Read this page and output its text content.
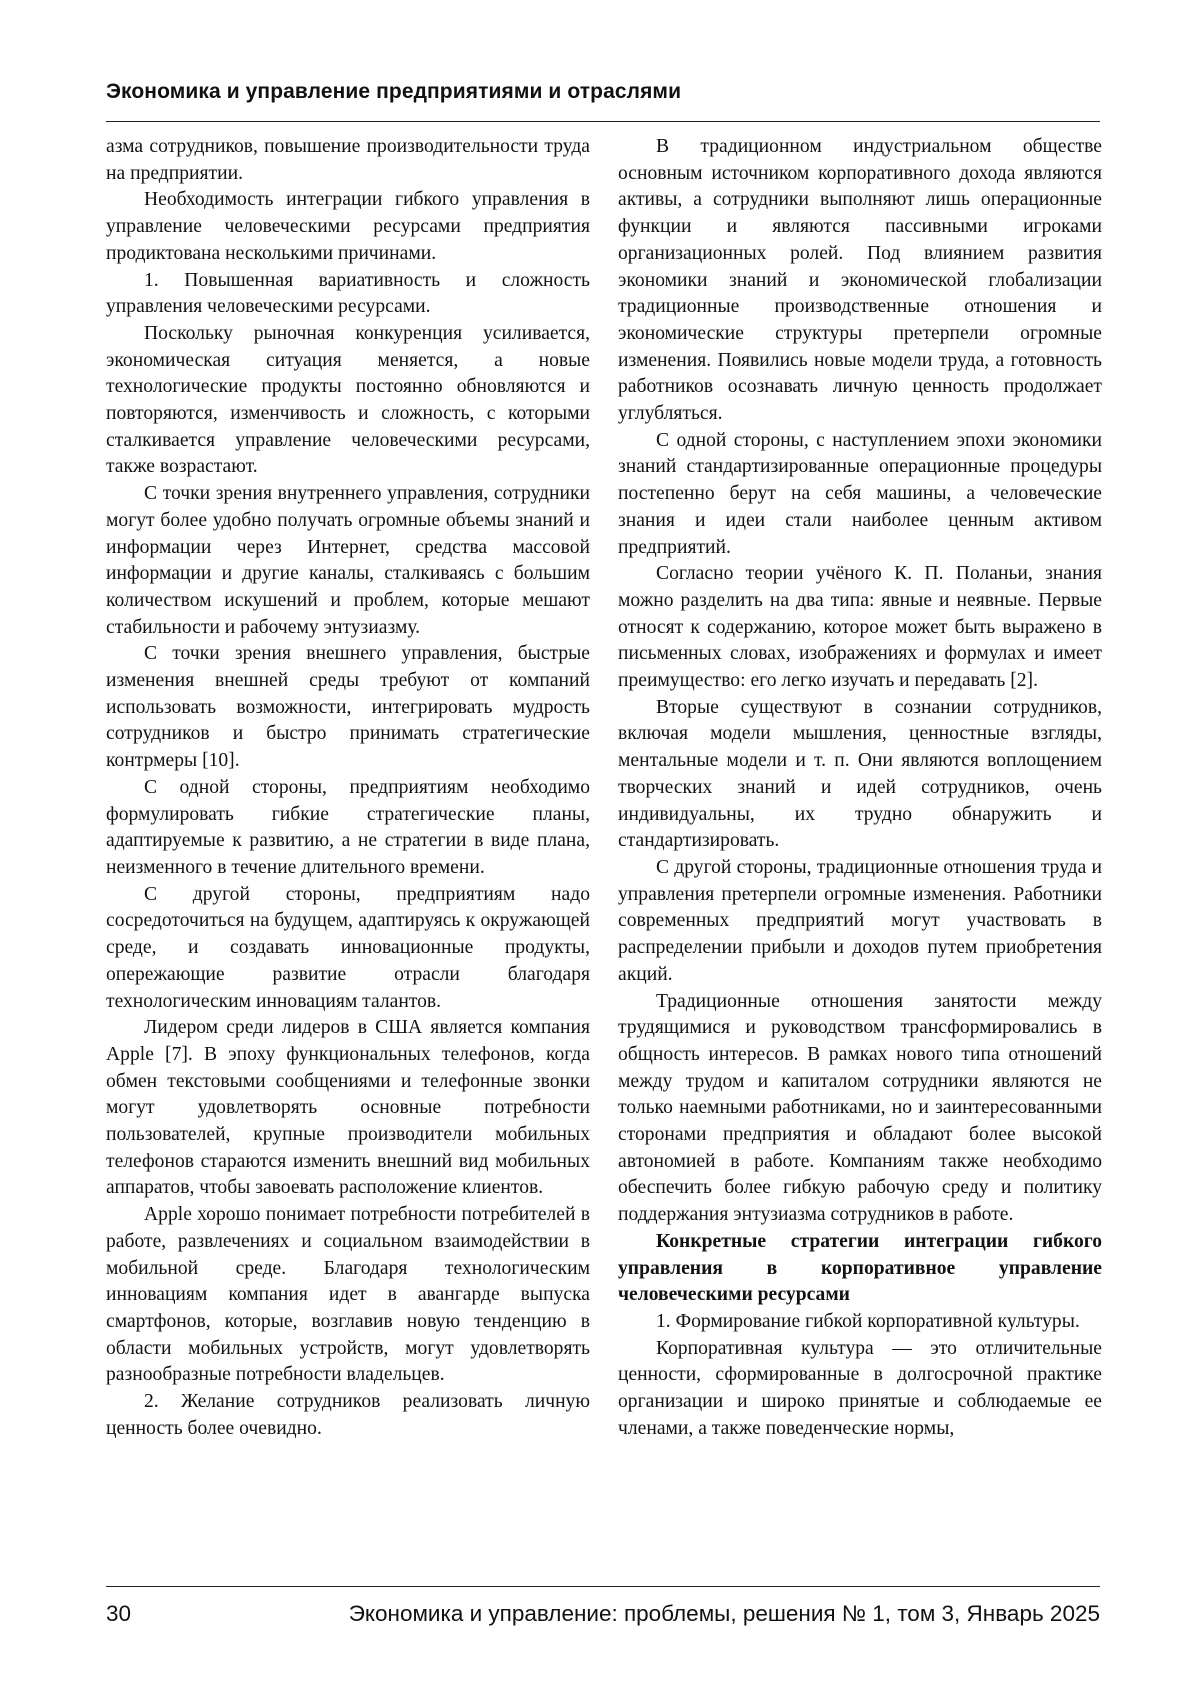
Экономика и управление предприятиями и отраслями

азма сотрудников, повышение производительности труда на предприятии.

Необходимость интеграции гибкого управления в управление человеческими ресурсами предприятия продиктована несколькими причинами.

1. Повышенная вариативность и сложность управления человеческими ресурсами.

Поскольку рыночная конкуренция усиливается, экономическая ситуация меняется, а новые технологические продукты постоянно обновляются и повторяются, изменчивость и сложность, с которыми сталкивается управление человеческими ресурсами, также возрастают.

С точки зрения внутреннего управления, сотрудники могут более удобно получать огромные объемы знаний и информации через Интернет, средства массовой информации и другие каналы, сталкиваясь с большим количеством искушений и проблем, которые мешают стабильности и рабочему энтузиазму.

С точки зрения внешнего управления, быстрые изменения внешней среды требуют от компаний использовать возможности, интегрировать мудрость сотрудников и быстро принимать стратегические контрмеры [10].

С одной стороны, предприятиям необходимо формулировать гибкие стратегические планы, адаптируемые к развитию, а не стратегии в виде плана, неизменного в течение длительного времени.

С другой стороны, предприятиям надо сосредоточиться на будущем, адаптируясь к окружающей среде, и создавать инновационные продукты, опережающие развитие отрасли благодаря технологическим инновациям талантов.

Лидером среди лидеров в США является компания Apple [7]. В эпоху функциональных телефонов, когда обмен текстовыми сообщениями и телефонные звонки могут удовлетворять основные потребности пользователей, крупные производители мобильных телефонов стараются изменить внешний вид мобильных аппаратов, чтобы завоевать расположение клиентов.

Apple хорошо понимает потребности потребителей в работе, развлечениях и социальном взаимодействии в мобильной среде. Благодаря технологическим инновациям компания идет в авангарде выпуска смартфонов, которые, возглавив новую тенденцию в области мобильных устройств, могут удовлетворять разнообразные потребности владельцев.

2. Желание сотрудников реализовать личную ценность более очевидно.

В традиционном индустриальном обществе основным источником корпоративного дохода являются активы, а сотрудники выполняют лишь операционные функции и являются пассивными игроками организационных ролей. Под влиянием развития экономики знаний и экономической глобализации традиционные производственные отношения и экономические структуры претерпели огромные изменения. Появились новые модели труда, а готовность работников осознавать личную ценность продолжает углубляться.

С одной стороны, с наступлением эпохи экономики знаний стандартизированные операционные процедуры постепенно берут на себя машины, а человеческие знания и идеи стали наиболее ценным активом предприятий.

Согласно теории учёного К. П. Поланьи, знания можно разделить на два типа: явные и неявные. Первые относят к содержанию, которое может быть выражено в письменных словах, изображениях и формулах и имеет преимущество: его легко изучать и передавать [2].

Вторые существуют в сознании сотрудников, включая модели мышления, ценностные взгляды, ментальные модели и т. п. Они являются воплощением творческих знаний и идей сотрудников, очень индивидуальны, их трудно обнаружить и стандартизировать.

С другой стороны, традиционные отношения труда и управления претерпели огромные изменения. Работники современных предприятий могут участвовать в распределении прибыли и доходов путем приобретения акций.

Традиционные отношения занятости между трудящимися и руководством трансформировались в общность интересов. В рамках нового типа отношений между трудом и капиталом сотрудники являются не только наемными работниками, но и заинтересованными сторонами предприятия и обладают более высокой автономией в работе. Компаниям также необходимо обеспечить более гибкую рабочую среду и политику поддержания энтузиазма сотрудников в работе.

Конкретные стратегии интеграции гибкого управления в корпоративное управление человеческими ресурсами

1. Формирование гибкой корпоративной культуры.

Корпоративная культура — это отличительные ценности, сформированные в долгосрочной практике организации и широко принятые и соблюдаемые ее членами, а также поведенческие нормы,

30	Экономика и управление: проблемы, решения № 1, том 3, Январь 2025
